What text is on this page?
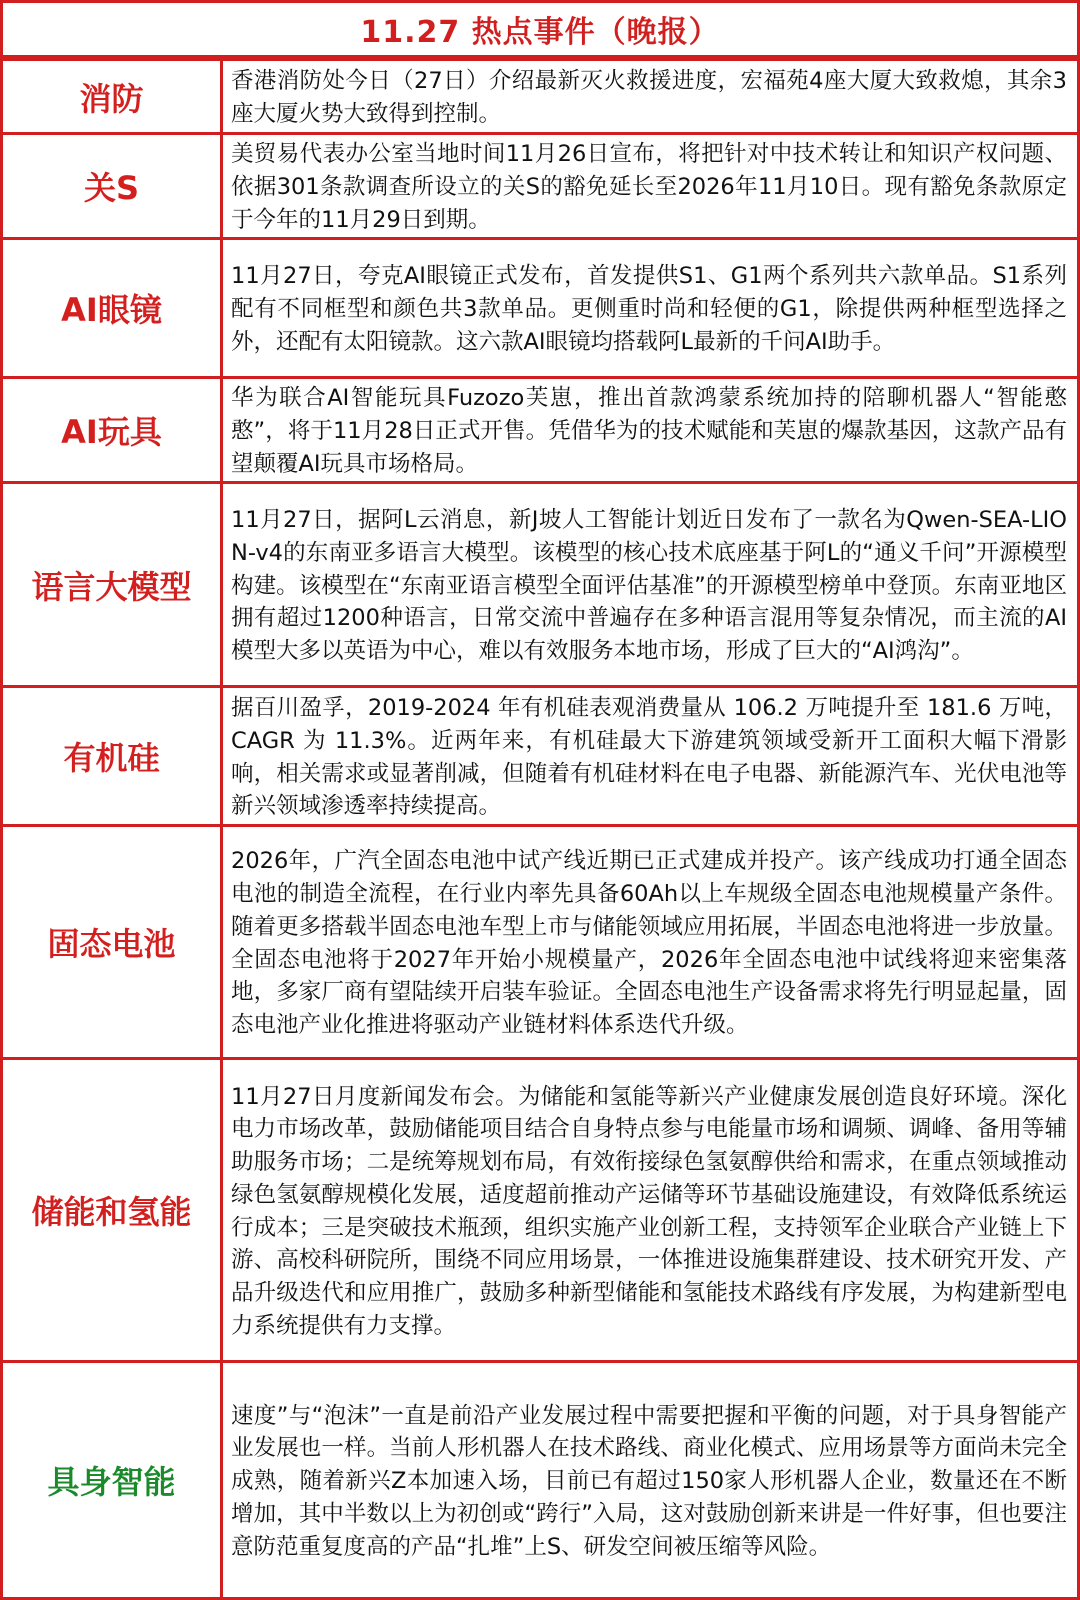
11.27 热点事件（晚报）
消防	香港消防处今日（27日）介绍最新灭火救援进度，宏福苑4座大厦大致救熄，其余3座大厦火势大致得到控制。

关S	美贸易代表办公室当地时间11月26日宣布，将把针对中技术转让和知识产权问题、依据301条款调查所设立的关S的豁免延长至2026年11月10日。现有豁免条款原定于今年的11月29日到期。

AI眼镜	11月27日，夸克AI眼镜正式发布，首发提供S1、G1两个系列共六款单品。S1系列配有不同框型和颜色共3款单品。更侧重时尚和轻便的G1，除提供两种框型选择之外，还配有太阳镜款。这六款AI眼镜均搭载阿L最新的千问AI助手。

AI玩具	华为联合AI智能玩具Fuzozo芙崽，推出首款鸿蒙系统加持的陪聊机器人“智能憨憨”，将于11月28日正式开售。凭借华为的技术赋能和芙崽的爆款基因，这款产品有望颠覆AI玩具市场格局。

语言大模型	11月27日，据阿L云消息，新J坡人工智能计划近日发布了一款名为Qwen-SEA-LION-v4的东南亚多语言大模型。该模型的核心技术底座基于阿L的“通义千问”开源模型构建。该模型在“东南亚语言模型全面评估基准”的开源模型榜单中登顶。东南亚地区拥有超过1200种语言，日常交流中普遍存在多种语言混用等复杂情况，而主流的AI模型大多以英语为中心，难以有效服务本地市场，形成了巨大的“AI鸿沟”。

有机硅	据百川盈孚，2019-2024 年有机硅表观消费量从 106.2 万吨提升至 181.6 万吨，CAGR 为 11.3%。近两年来，有机硅最大下游建筑领域受新开工面积大幅下滑影响，相关需求或显著削减，但随着有机硅材料在电子电器、新能源汽车、光伏电池等新兴领域渗透率持续提高。

固态电池	2026年，广汽全固态电池中试产线近期已正式建成并投产。该产线成功打通全固态电池的制造全流程，在行业内率先具备60Ah以上车规级全固态电池规模量产条件。随着更多搭载半固态电池车型上市与储能领域应用拓展，半固态电池将进一步放量。全固态电池将于2027年开始小规模量产，2026年全固态电池中试线将迎来密集落地，多家厂商有望陆续开启装车验证。全固态电池生产设备需求将先行明显起量，固态电池产业化推进将驱动产业链材料体系迭代升级。

储能和氢能	11月27日月度新闻发布会。为储能和氢能等新兴产业健康发展创造良好环境。深化电力市场改革，鼓励储能项目结合自身特点参与电能量市场和调频、调峰、备用等辅助服务市场；二是统筹规划布局，有效衔接绿色氢氨醇供给和需求，在重点领域推动绿色氢氨醇规模化发展，适度超前推动产运储等环节基础设施建设，有效降低系统运行成本；三是突破技术瓶颈，组织实施产业创新工程，支持领军企业联合产业链上下游、高校科研院所，围绕不同应用场景，一体推进设施集群建设、技术研究开发、产品升级迭代和应用推广，鼓励多种新型储能和氢能技术路线有序发展，为构建新型电力系统提供有力支撑。

具身智能	速度”与“泡沫”一直是前沿产业发展过程中需要把握和平衡的问题，对于具身智能产业发展也一样。当前人形机器人在技术路线、商业化模式、应用场景等方面尚未完全成熟，随着新兴Z本加速入场，目前已有超过150家人形机器人企业，数量还在不断增加，其中半数以上为初创或“跨行”入局，这对鼓励创新来讲是一件好事，但也要注意防范重复度高的产品“扎堆”上S、研发空间被压缩等风险。
